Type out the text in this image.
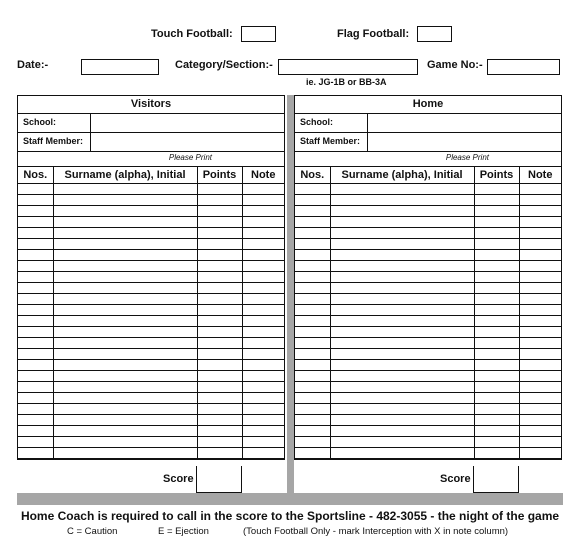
Touch Football:	Flag Football:
Date:-	Category/Section:-
ie. JG-1B or BB-3A
Game No:-
Visitors
School:
Staff Member:
Please Print
Nos.	Surname (alpha), Initial	Points	Note

Home
School:
Staff Member:
Please Print
Nos.	Surname (alpha), Initial	Points	Note

Score	Score
Home Coach is required to call in the score to the Sportsline - 482-3055 - the night of the game
C = Caution	E = Ejection	(Touch Football Only - mark Interception with X in note column)
